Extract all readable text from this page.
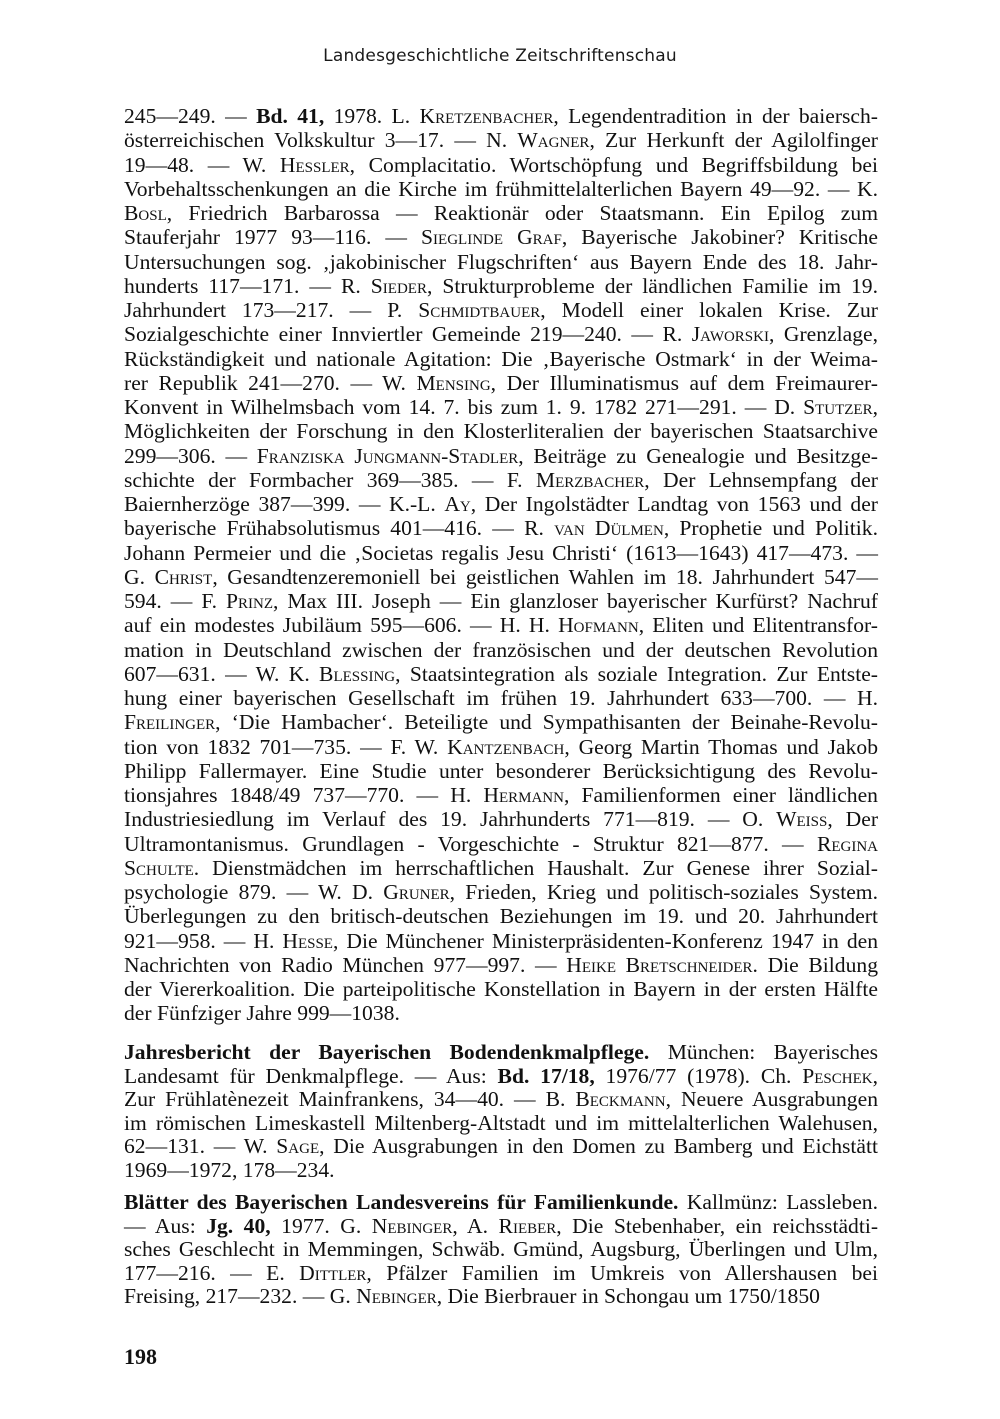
Landesgeschichtliche Zeitschriftenschau
245—249. — Bd. 41, 1978. L. Kretzenbacher, Legendentradition in der baiersch-
österreichischen Volkskultur 3—17. — N. Wagner, Zur Herkunft der Agilolfinger
19—48. — W. Hessler, Complacitatio. Wortschöpfung und Begriffsbildung bei
Vorbehaltsschenkungen an die Kirche im frühmittelalterlichen Bayern 49—92. — K.
Bosl, Friedrich Barbarossa — Reaktionär oder Staatsmann. Ein Epilog zum
Stauferjahr 1977 93—116. — Sieglinde Graf, Bayerische Jakobiner? Kritische
Untersuchungen sog. ‚jakobinischer Flugschriften‘ aus Bayern Ende des 18. Jahr-
hunderts 117—171. — R. Sieder, Strukturprobleme der ländlichen Familie im 19.
Jahrhundert 173—217. — P. Schmidtbauer, Modell einer lokalen Krise. Zur
Sozialgeschichte einer Innviertler Gemeinde 219—240. — R. Jaworski, Grenzlage,
Rückständigkeit und nationale Agitation: Die ‚Bayerische Ostmark‘ in der Weima-
rer Republik 241—270. — W. Mensing, Der Illuminatismus auf dem Freimaurer-
Konvent in Wilhelmsbach vom 14. 7. bis zum 1. 9. 1782 271—291. — D. Stutzer,
Möglichkeiten der Forschung in den Klosterliteralien der bayerischen Staatsarchive
299—306. — Franziska Jungmann-Stadler, Beiträge zu Genealogie und Besitzge-
schichte der Formbacher 369—385. — F. Merzbacher, Der Lehnsempfang der
Baiernherzöge 387—399. — K.-L. Ay, Der Ingolstädter Landtag von 1563 und der
bayerische Frühabsolutismus 401—416. — R. van Dülmen, Prophetie und Politik.
Johann Permeier und die ‚Societas regalis Jesu Christi‘ (1613—1643) 417—473. —
G. Christ, Gesandtenzeremoniell bei geistlichen Wahlen im 18. Jahrhundert 547—
594. — F. Prinz, Max III. Joseph — Ein glanzloser bayerischer Kurfürst? Nachruf
auf ein modestes Jubiläum 595—606. — H. H. Hofmann, Eliten und Elitentransfor-
mation in Deutschland zwischen der französischen und der deutschen Revolution
607—631. — W. K. Blessing, Staatsintegration als soziale Integration. Zur Entste-
hung einer bayerischen Gesellschaft im frühen 19. Jahrhundert 633—700. — H.
Freilinger, ‘Die Hambacher‘. Beteiligte und Sympathisanten der Beinahe-Revolu-
tion von 1832 701—735. — F. W. Kantzenbach, Georg Martin Thomas und Jakob
Philipp Fallermayer. Eine Studie unter besonderer Berücksichtigung des Revolu-
tionsjahres 1848/49 737—770. — H. Hermann, Familienformen einer ländlichen
Industriesiedlung im Verlauf des 19. Jahrhunderts 771—819. — O. Weiss, Der
Ultramontanismus. Grundlagen - Vorgeschichte - Struktur 821—877. — Regina
Schulte. Dienstmädchen im herrschaftlichen Haushalt. Zur Genese ihrer Sozial-
psychologie 879. — W. D. Gruner, Frieden, Krieg und politisch-soziales System.
Überlegungen zu den britisch-deutschen Beziehungen im 19. und 20. Jahrhundert
921—958. — H. Hesse, Die Münchener Ministerpräsidenten-Konferenz 1947 in den
Nachrichten von Radio München 977—997. — Heike Bretschneider. Die Bildung
der Viererkoalition. Die parteipolitische Konstellation in Bayern in der ersten Hälfte
der Fünfziger Jahre 999—1038.
Jahresbericht der Bayerischen Bodendenkmalpflege. München: Bayerisches
Landesamt für Denkmalpflege. — Aus: Bd. 17/18, 1976/77 (1978). Ch. Peschek,
Zur Frühlatènezeit Mainfrankens, 34—40. — B. Beckmann, Neuere Ausgrabungen
im römischen Limeskastell Miltenberg-Altstadt und im mittelalterlichen Walehusen,
62—131. — W. Sage, Die Ausgrabungen in den Domen zu Bamberg und Eichstätt
1969—1972, 178—234.
Blätter des Bayerischen Landesvereins für Familienkunde. Kallmünz: Lassleben.
— Aus: Jg. 40, 1977. G. Nebinger, A. Rieber, Die Stebenhaber, ein reichsstädti-
sches Geschlecht in Memmingen, Schwäb. Gmünd, Augsburg, Überlingen und Ulm,
177—216. — E. Dittler, Pfälzer Familien im Umkreis von Allershausen bei
Freising, 217—232. — G. Nebinger, Die Bierbrauer in Schongau um 1750/1850
198
